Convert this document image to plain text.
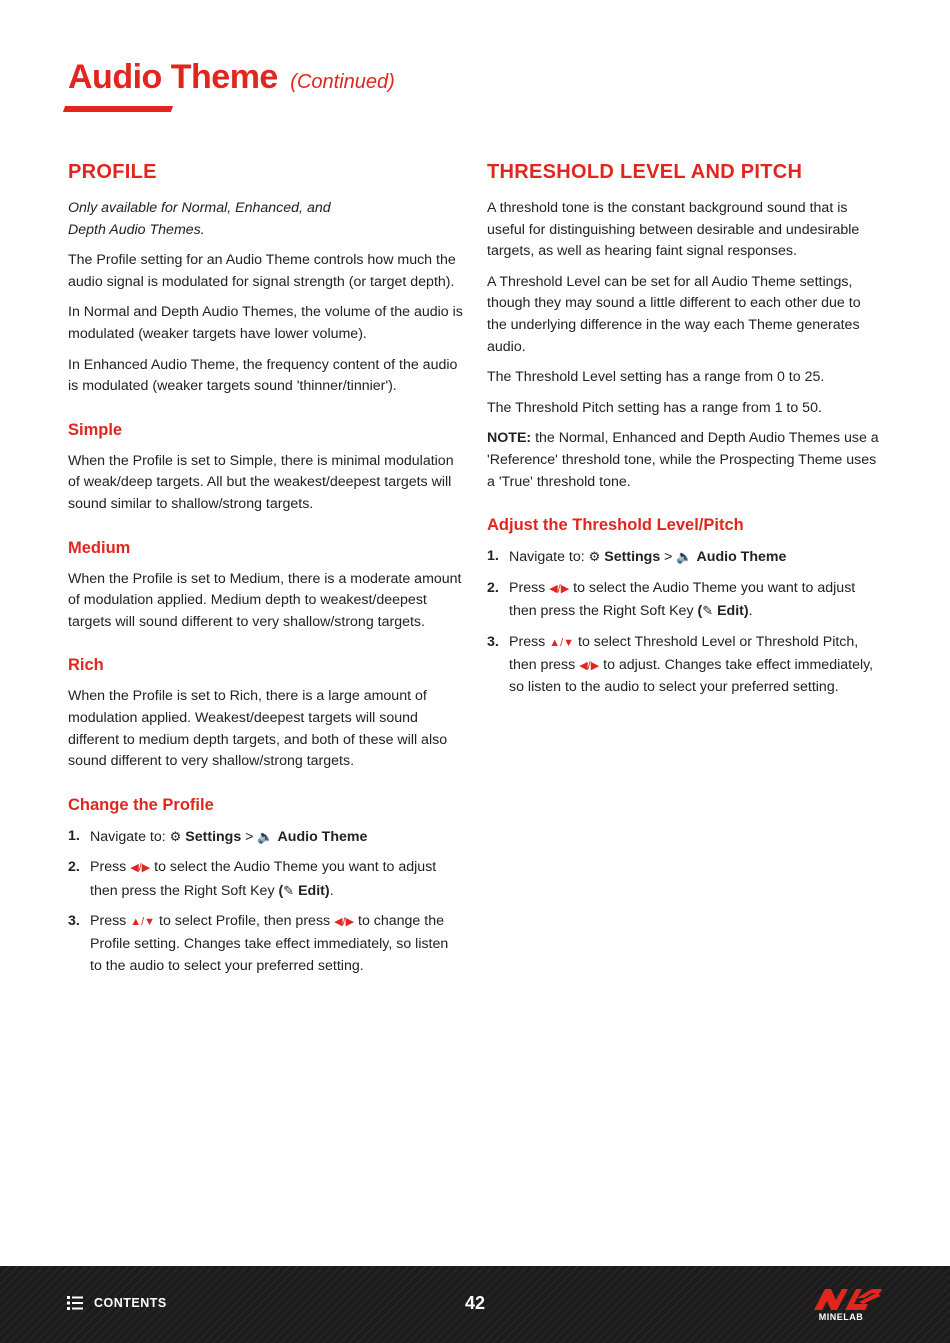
Audio Theme (Continued)
PROFILE

Only available for Normal, Enhanced, and Depth Audio Themes.

The Profile setting for an Audio Theme controls how much the audio signal is modulated for signal strength (or target depth).

In Normal and Depth Audio Themes, the volume of the audio is modulated (weaker targets have lower volume).

In Enhanced Audio Theme, the frequency content of the audio is modulated (weaker targets sound 'thinner/tinnier').

Simple

When the Profile is set to Simple, there is minimal modulation of weak/deep targets. All but the weakest/deepest targets will sound similar to shallow/strong targets.

Medium

When the Profile is set to Medium, there is a moderate amount of modulation applied. Medium depth to weakest/deepest targets will sound different to very shallow/strong targets.

Rich

When the Profile is set to Rich, there is a large amount of modulation applied. Weakest/deepest targets will sound different to medium depth targets, and both of these will also sound different to very shallow/strong targets.

Change the Profile
1. Navigate to: ⚙ Settings > 🔈 Audio Theme
2. Press ◀/▶ to select the Audio Theme you want to adjust then press the Right Soft Key (✎ Edit).
3. Press ▲/▼ to select Profile, then press ◀/▶ to change the Profile setting. Changes take effect immediately, so listen to the audio to select your preferred setting.
THRESHOLD LEVEL AND PITCH

A threshold tone is the constant background sound that is useful for distinguishing between desirable and undesirable targets, as well as hearing faint signal responses.

A Threshold Level can be set for all Audio Theme settings, though they may sound a little different to each other due to the underlying difference in the way each Theme generates audio.

The Threshold Level setting has a range from 0 to 25.

The Threshold Pitch setting has a range from 1 to 50.

NOTE: the Normal, Enhanced and Depth Audio Themes use a 'Reference' threshold tone, while the Prospecting Theme uses a 'True' threshold tone.

Adjust the Threshold Level/Pitch
1. Navigate to: ⚙ Settings > 🔈 Audio Theme
2. Press ◀/▶ to select the Audio Theme you want to adjust then press the Right Soft Key (✎ Edit).
3. Press ▲/▼ to select Threshold Level or Threshold Pitch, then press ◀/▶ to adjust. Changes take effect immediately, so listen to the audio to select your preferred setting.
CONTENTS	42
MINELAB
